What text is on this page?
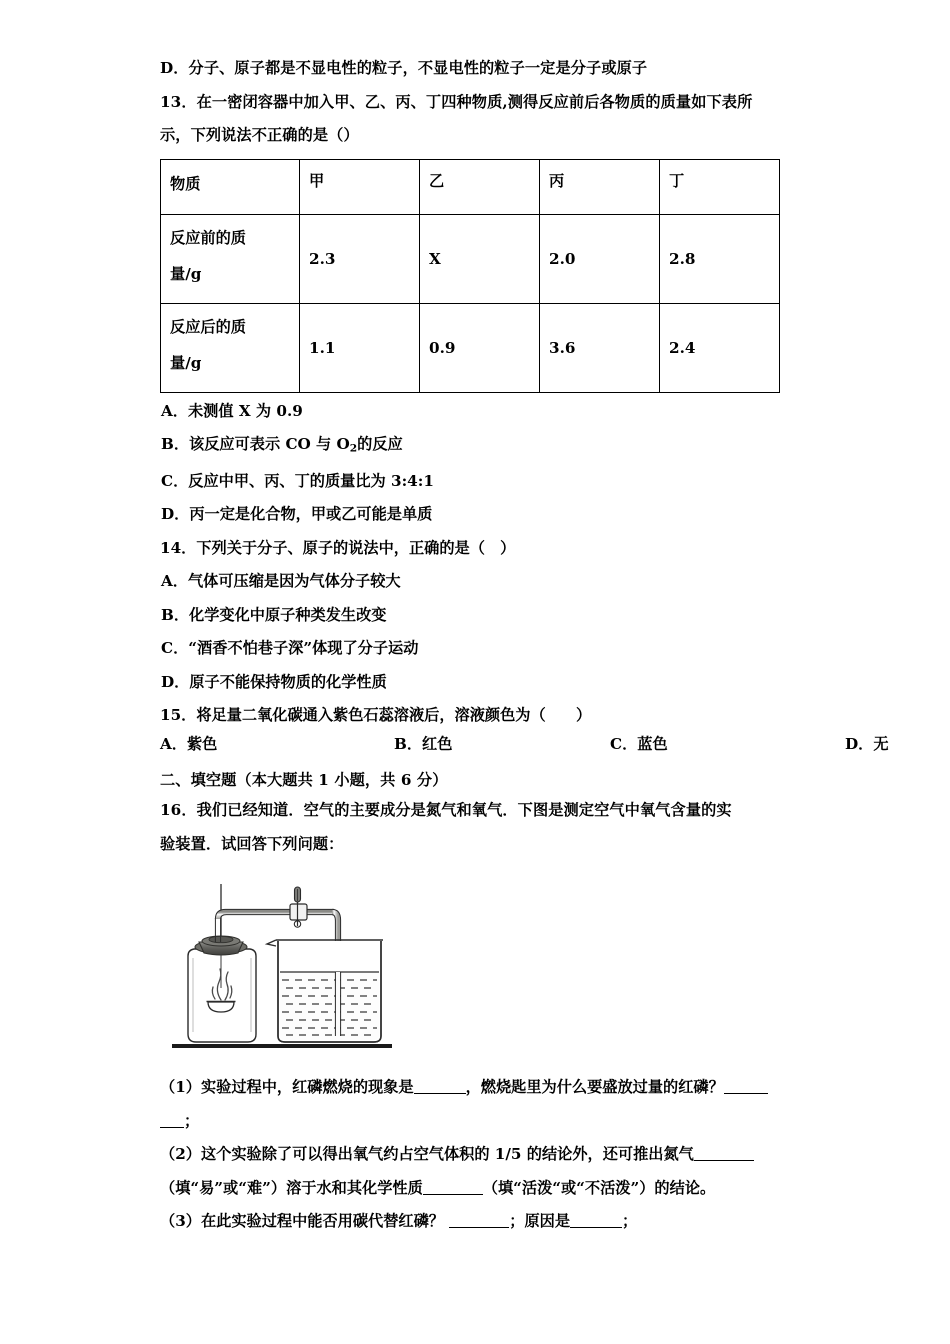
D．分子、原子都是不显电性的粒子，不显电性的粒子一定是分子或原子
13．在一密闭容器中加入甲、乙、丙、丁四种物质,测得反应前后各物质的质量如下表所
示，下列说法不正确的是（）
物质	甲	乙	丙	丁
反应前的质
量/g	2.3	X	2.0	2.8
反应后的质
量/g	1.1	0.9	3.6	2.4
A．未测值 X 为 0.9
B．该反应可表示 CO 与 $O_2$的反应
C．反应中甲、丙、丁的质量比为 3:4:1
D．丙一定是化合物，甲或乙可能是单质
14．下列关于分子、原子的说法中，正确的是（　）
A．气体可压缩是因为气体分子较大
B．化学变化中原子种类发生改变
C．“酒香不怕巷子深”体现了分子运动
D．原子不能保持物质的化学性质
15．将足量二氧化碳通入紫色石蕊溶液后，溶液颜色为（　　）
A．紫色	B．红色	C．蓝色	D．无
二、填空题（本大题共 1 小题，共 6 分）
16．我们已经知道．空气的主要成分是氮气和氧气．下图是测定空气中氧气含量的实
验装置．试回答下列问题：
（1）实验过程中，红磷燃烧的现象是	，燃烧匙里为什么要盛放过量的红磷？
；
（2）这个实验除了可以得出氧气约占空气体积的 1/5 的结论外，还可推出氮气
（填“易”或“难”）溶于水和其化学性质	（填“活泼“或“不活泼”）的结论。
（3）在此实验过程中能否用碳代替红磷？	；原因是	；
